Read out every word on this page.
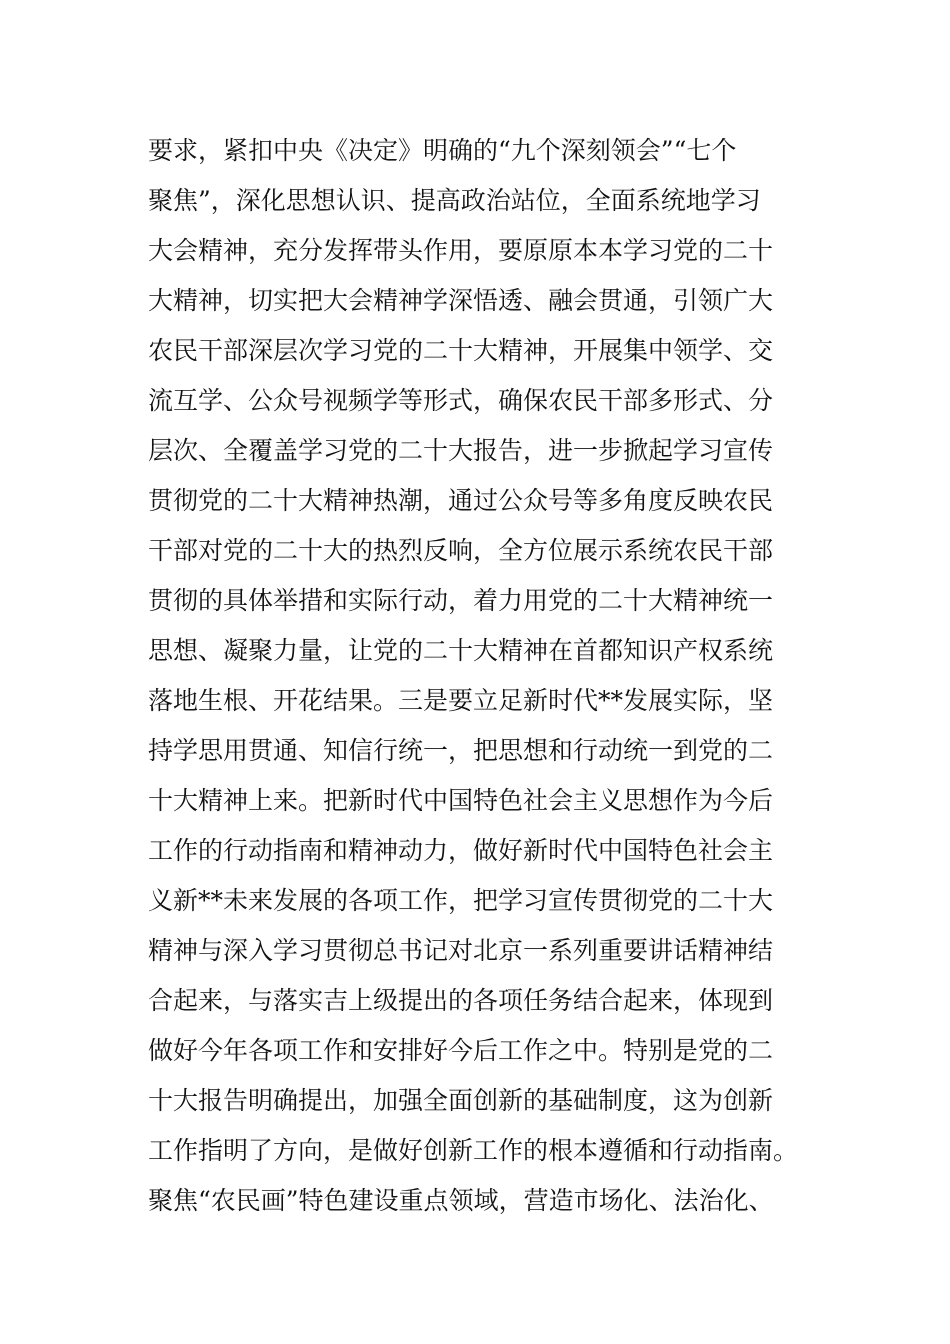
要求，紧扣中央《决定》明确的“九个深刻领会”“七个
聚焦”，深化思想认识、提高政治站位，全面系统地学习
大会精神，充分发挥带头作用，要原原本本学习党的二十
大精神，切实把大会精神学深悟透、融会贯通，引领广大
农民干部深层次学习党的二十大精神，开展集中领学、交
流互学、公众号视频学等形式，确保农民干部多形式、分
层次、全覆盖学习党的二十大报告，进一步掀起学习宣传
贯彻党的二十大精神热潮，通过公众号等多角度反映农民
干部对党的二十大的热烈反响，全方位展示系统农民干部
贯彻的具体举措和实际行动，着力用党的二十大精神统一
思想、凝聚力量，让党的二十大精神在首都知识产权系统
落地生根、开花结果。三是要立足新时代**发展实际，坚
持学思用贯通、知信行统一，把思想和行动统一到党的二
十大精神上来。把新时代中国特色社会主义思想作为今后
工作的行动指南和精神动力，做好新时代中国特色社会主
义新**未来发展的各项工作，把学习宣传贯彻党的二十大
精神与深入学习贯彻总书记对北京一系列重要讲话精神结
合起来，与落实吉上级提出的各项任务结合起来，体现到
做好今年各项工作和安排好今后工作之中。特别是党的二
十大报告明确提出，加强全面创新的基础制度，这为创新
工作指明了方向，是做好创新工作的根本遵循和行动指南。
聚焦“农民画”特色建设重点领域，营造市场化、法治化、
